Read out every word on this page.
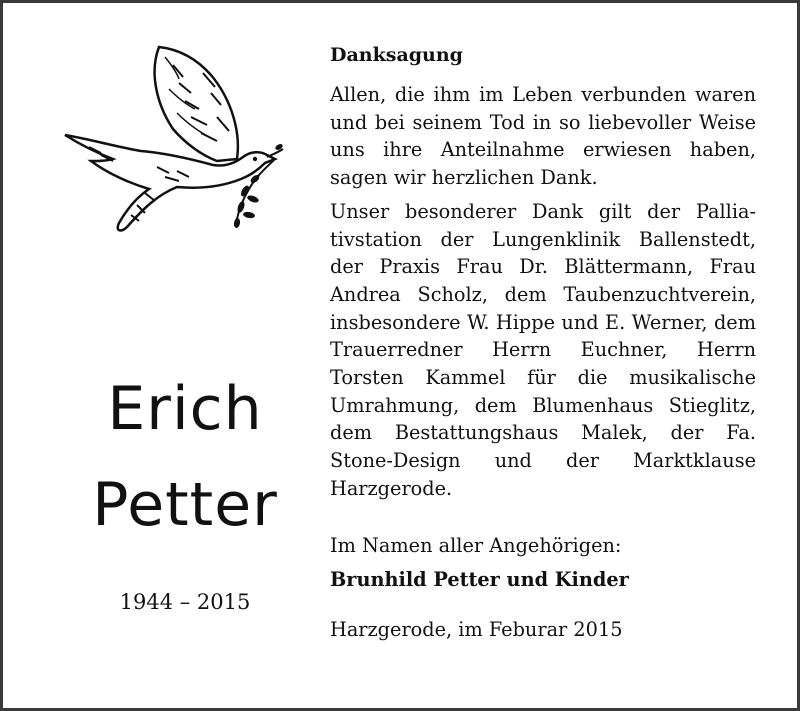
Erich
Petter
1944 – 2015

Danksagung

Allen, die ihm im Leben verbunden waren und bei seinem Tod in so liebevoller Weise uns ihre Anteilnahme erwiesen haben, sagen wir herzlichen Dank.

Unser besonderer Dank gilt der Palliativstation der Lungenklinik Ballenstedt, der Praxis Frau Dr. Blättermann, Frau Andrea Scholz, dem Taubenzuchtverein, insbesondere W. Hippe und E. Werner, dem Trauerredner Herrn Euchner, Herrn Torsten Kammel für die musikalische Umrahmung, dem Blumenhaus Stieglitz, dem Bestattungshaus Malek, der Fa. Stone-Design und der Marktklause Harzgerode.

Im Namen aller Angehörigen:

Brunhild Petter und Kinder

Harzgerode, im Feburar 2015
